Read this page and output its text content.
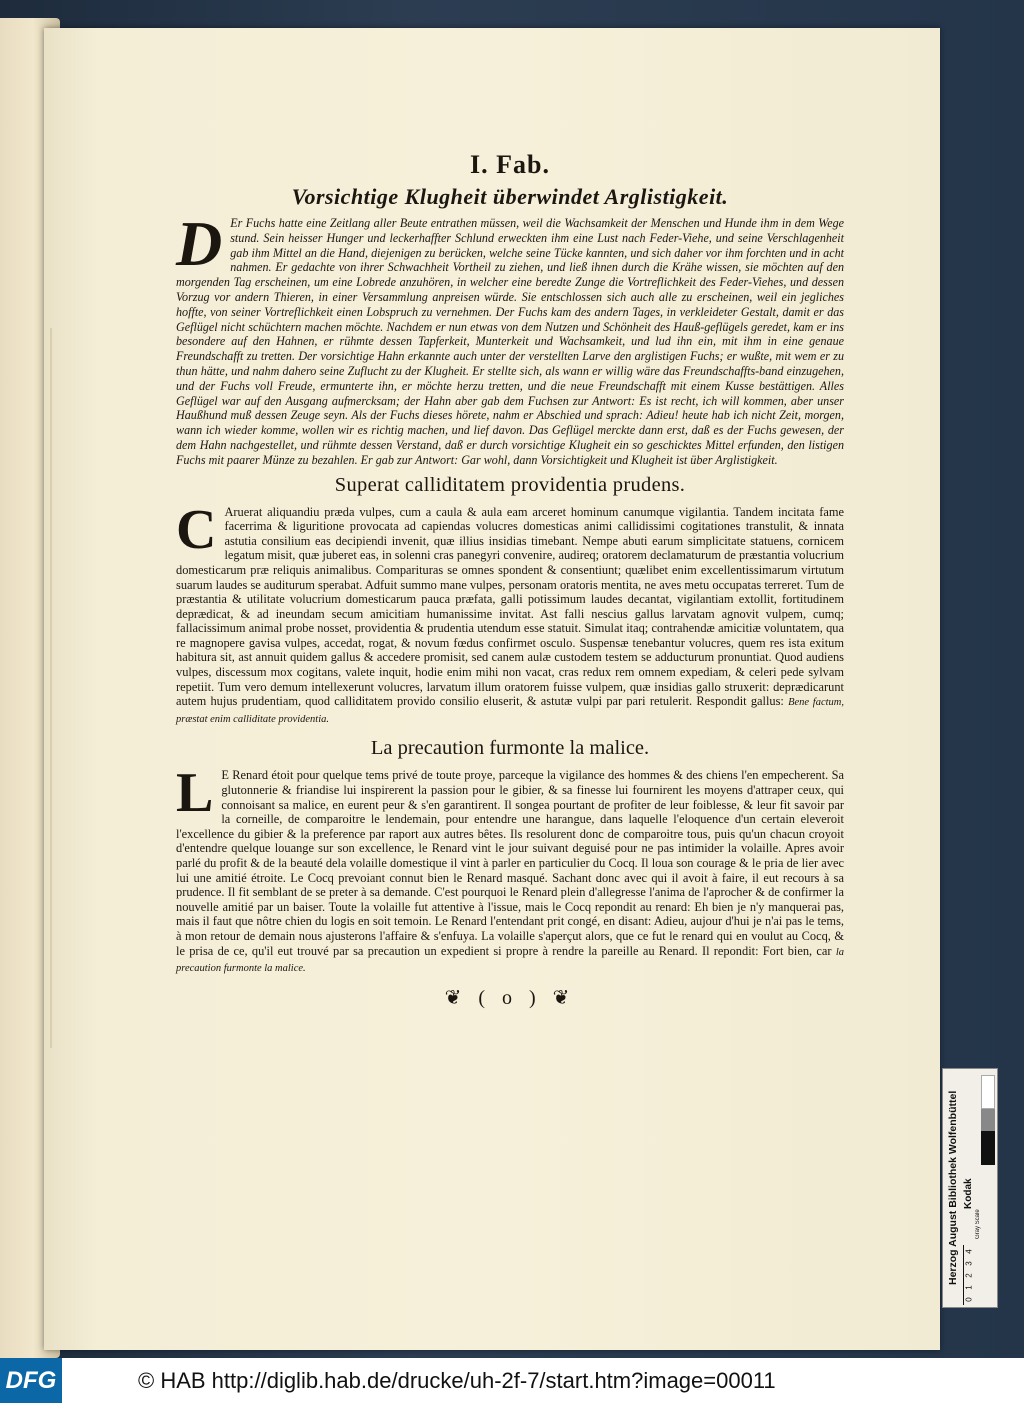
I. Fab.
Vorsichtige Klugheit überwindet Arglistigkeit.
D Er Fuchs hatte eine Zeitlang aller Beute entrathen müssen, weil die Wachsamkeit der Menschen und Hunde ihm in dem Wege stund. Sein heisser Hunger und leckerhaffter Schlund erweckten ihm eine Lust nach Feder-Viehe, und seine Verschlagenheit gab ihm Mittel an die Hand, diejenigen zu berücken, welche seine Tücke kannten, und sich daher vor ihm forchten und in acht nahmen. Er gedachte von ihrer Schwachheit Vortheil zu ziehen, und ließ ihnen durch die Krähe wissen, sie möchten auf den morgenden Tag erscheinen, um eine Lobrede anzuhören, in welcher eine beredte Zunge die Vortreflichkeit des Feder-Viehes, und dessen Vorzug vor andern Thieren, in einer Versammlung anpreisen würde. Sie entschlossen sich auch alle zu erscheinen, weil ein jegliches hoffte, von seiner Vortreflichkeit einen Lobspruch zu vernehmen. Der Fuchs kam des andern Tages, in verkleideter Gestalt, damit er das Geflügel nicht schüchtern machen möchte. Nachdem er nun etwas von dem Nutzen und Schönheit des Hauß-geflügels geredet, kam er ins besondere auf den Hahnen, er rühmte dessen Tapferkeit, Munterkeit und Wachsamkeit, und lud ihn ein, mit ihm in eine genaue Freundschafft zu tretten. Der vorsichtige Hahn erkannte auch unter der verstellten Larve den arglistigen Fuchs; er wußte, mit wem er zu thun hätte, und nahm dahero seine Zuflucht zu der Klugheit. Er stellte sich, als wann er willig wäre das Freundschaffts-band einzugehen, und der Fuchs voll Freude, ermunterte ihn, er möchte herzu tretten, und die neue Freundschafft mit einem Kusse bestättigen. Alles Geflügel war auf den Ausgang aufmercksam; der Hahn aber gab dem Fuchsen zur Antwort: Es ist recht, ich will kommen, aber unser Haußhund muß dessen Zeuge seyn. Als der Fuchs dieses hörete, nahm er Abschied und sprach: Adieu! heute hab ich nicht Zeit, morgen, wann ich wieder komme, wollen wir es richtig machen, und lief davon. Das Geflügel merckte dann erst, daß es der Fuchs gewesen, der dem Hahn nachgestellet, und rühmte dessen Verstand, daß er durch vorsichtige Klugheit ein so geschicktes Mittel erfunden, den listigen Fuchs mit paarer Münze zu bezahlen. Er gab zur Antwort: Gar wohl, dann Vorsichtigkeit und Klugheit ist über Arglistigkeit.
Superat calliditatem providentia prudens.
C Aruerat aliquandiu præda vulpes, cum a caula & aula eam arceret hominum canumque vigilantia. Tandem incitata fame facerrima & liguritione provocata ad capiendas volucres domesticas animi callidissimi cogitationes transtulit, & innata astutia consilium eas decipiendi invenit, quæ illius insidias timebant. Nempe abuti earum simplicitate statuens, cornicem legatum misit, quæ juberet eas, in solenni cras panegyri convenire, audireq; oratorem declamaturum de præstantia volucrium domesticarum præ reliquis animalibus. Comparituras se omnes spondent & consentiunt; quælibet enim excellentissimarum virtutum suarum laudes se auditurum sperabat. Adfuit summo mane vulpes, personam oratoris mentita, ne aves metu occupatas terreret. Tum de præstantia & utilitate volucrium domesticarum pauca præfata, galli potissimum laudes decantat, vigilantiam extollit, fortitudinem deprædicat, & ad ineundam secum amicitiam humanissime invitat. Ast falli nescius gallus larvatam agnovit vulpem, cumq; fallacissimum animal probe nosset, providentia & prudentia utendum esse statuit. Simulat itaq; contrahendæ amicitiæ voluntatem, qua re magnopere gavisa vulpes, accedat, rogat, & novum fœdus confirmet osculo. Suspensæ tenebantur volucres, quem res ista exitum habitura sit, ast annuit quidem gallus & accedere promisit, sed canem aulæ custodem testem se adducturum pronuntiat. Quod audiens vulpes, discessum mox cogitans, valete inquit, hodie enim mihi non vacat, cras redux rem omnem expediam, & celeri pede sylvam repetiit. Tum vero demum intellexerunt volucres, larvatum illum oratorem fuisse vulpem, quæ insidias gallo struxerit: deprædicarunt autem hujus prudentiam, quod calliditatem provido consilio eluserit, & astutæ vulpi par pari retulerit. Respondit gallus: Bene factum, præstat enim calliditate providentia.
La precaution furmonte la malice.
L E Renard étoit pour quelque tems privé de toute proye, parceque la vigilance des hommes & des chiens l'en empecherent. Sa glutonnerie & friandise lui inspirerent la passion pour le gibier, & sa finesse lui fournirent les moyens d'attraper ceux, qui connoisant sa malice, en eurent peur & s'en garantirent. Il songea pourtant de profiter de leur foiblesse, & leur fit savoir par la corneille, de comparoitre le lendemain, pour entendre une harangue, dans laquelle l'eloquence d'un certain eleveroit l'excellence du gibier & la preference par raport aux autres bêtes. Ils resolurent donc de comparoitre tous, puis qu'un chacun croyoit d'entendre quelque louange sur son excellence, le Renard vint le jour suivant deguisé pour ne pas intimider la volaille. Apres avoir parlé du profit & de la beauté dela volaille domestique il vint à parler en particulier du Cocq. Il loua son courage & le pria de lier avec lui une amitié étroite. Le Cocq prevoiant connut bien le Renard masqué. Sachant donc avec qui il avoit à faire, il eut recours à sa prudence. Il fit semblant de se preter à sa demande. C'est pourquoi le Renard plein d'allegresse l'anima de l'aprocher & de confirmer la nouvelle amitié par un baiser. Toute la volaille fut attentive à l'issue, mais le Cocq repondit au renard: Eh bien je n'y manquerai pas, mais il faut que nôtre chien du logis en soit temoin. Le Renard l'entendant prit congé, en disant: Adieu, aujour d'hui je n'ai pas le tems, à mon retour de demain nous ajusterons l'affaire & s'enfuya. La volaille s'aperçut alors, que ce fut le renard qui en voulut au Cocq, & le prisa de ce, qu'il eut trouvé par sa precaution un expedient si propre à rendre la pareille au Renard. Il repondit: Fort bien, car la precaution furmonte la malice.
❦ ( o ) ❦
Herzog August Bibliothek Wolfenbüttel Kodak
Gray Scale
0
1
2
3
4
DFG	© HAB http://diglib.hab.de/drucke/uh-2f-7/start.htm?image=00011
